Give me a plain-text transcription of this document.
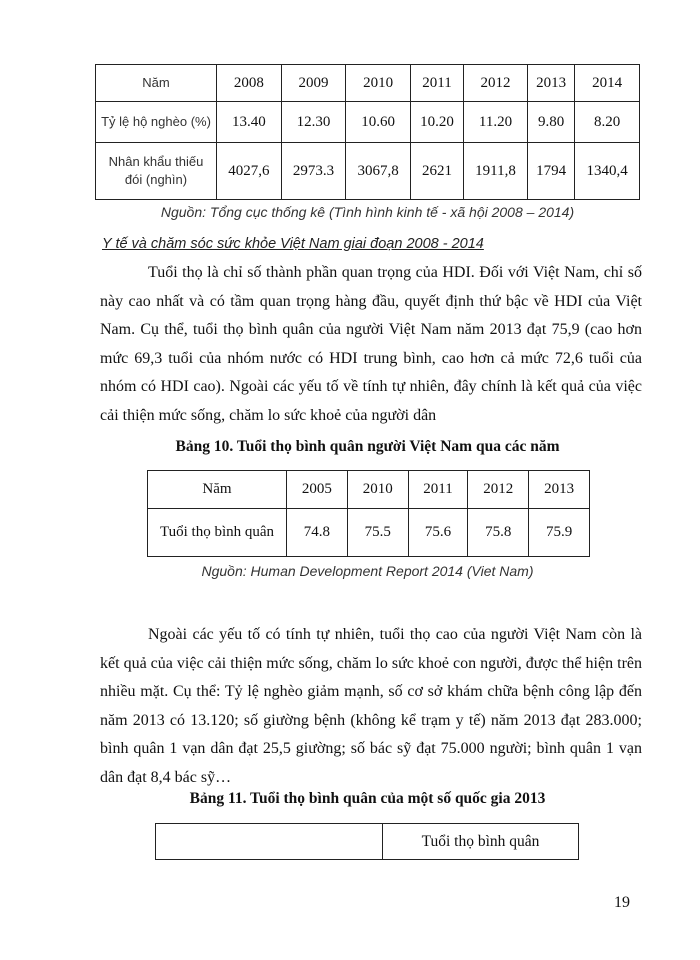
Năm	2008	2009	2010	2011	2012	2013	2014
Tỷ lệ hộ nghèo (%)	13.40	12.30	10.60	10.20	11.20	9.80	8.20
Nhân khẩu thiếu đói (nghìn)	4027,6	2973.3	3067,8	2621	1911,8	1794	1340,4
Nguồn: Tổng cục thống kê (Tình hình kinh tế - xã hội 2008 – 2014)
Y tế và chăm sóc sức khỏe Việt Nam giai đoạn 2008 - 2014
Tuổi thọ là chỉ số thành phần quan trọng của HDI. Đối với Việt Nam, chỉ số này cao nhất và có tầm quan trọng hàng đầu, quyết định thứ bậc về HDI của Việt Nam. Cụ thể, tuổi thọ bình quân của người Việt Nam năm 2013 đạt 75,9 (cao hơn mức 69,3 tuổi của nhóm nước có HDI trung bình, cao hơn cả mức 72,6 tuổi của nhóm có HDI cao). Ngoài các yếu tố về tính tự nhiên, đây chính là kết quả của việc cải thiện mức sống, chăm lo sức khoẻ của người dân
Bảng 10. Tuổi thọ bình quân người Việt Nam qua các năm
Năm	2005	2010	2011	2012	2013
Tuổi thọ bình quân	74.8	75.5	75.6	75.8	75.9
Nguồn: Human Development Report 2014 (Viet Nam)
Ngoài các yếu tố có tính tự nhiên, tuổi thọ cao của người Việt Nam còn là kết quả của việc cải thiện mức sống, chăm lo sức khoẻ con người, được thể hiện trên nhiều mặt. Cụ thể: Tỷ lệ nghèo giảm mạnh, số cơ sở khám chữa bệnh công lập đến năm 2013 có 13.120; số giường bệnh (không kể trạm y tế) năm 2013 đạt 283.000; bình quân 1 vạn dân đạt 25,5 giường; số bác sỹ đạt 75.000 người; bình quân 1 vạn dân đạt 8,4 bác sỹ…
Bảng 11. Tuổi thọ bình quân của một số quốc gia 2013
	Tuổi thọ bình quân
19
